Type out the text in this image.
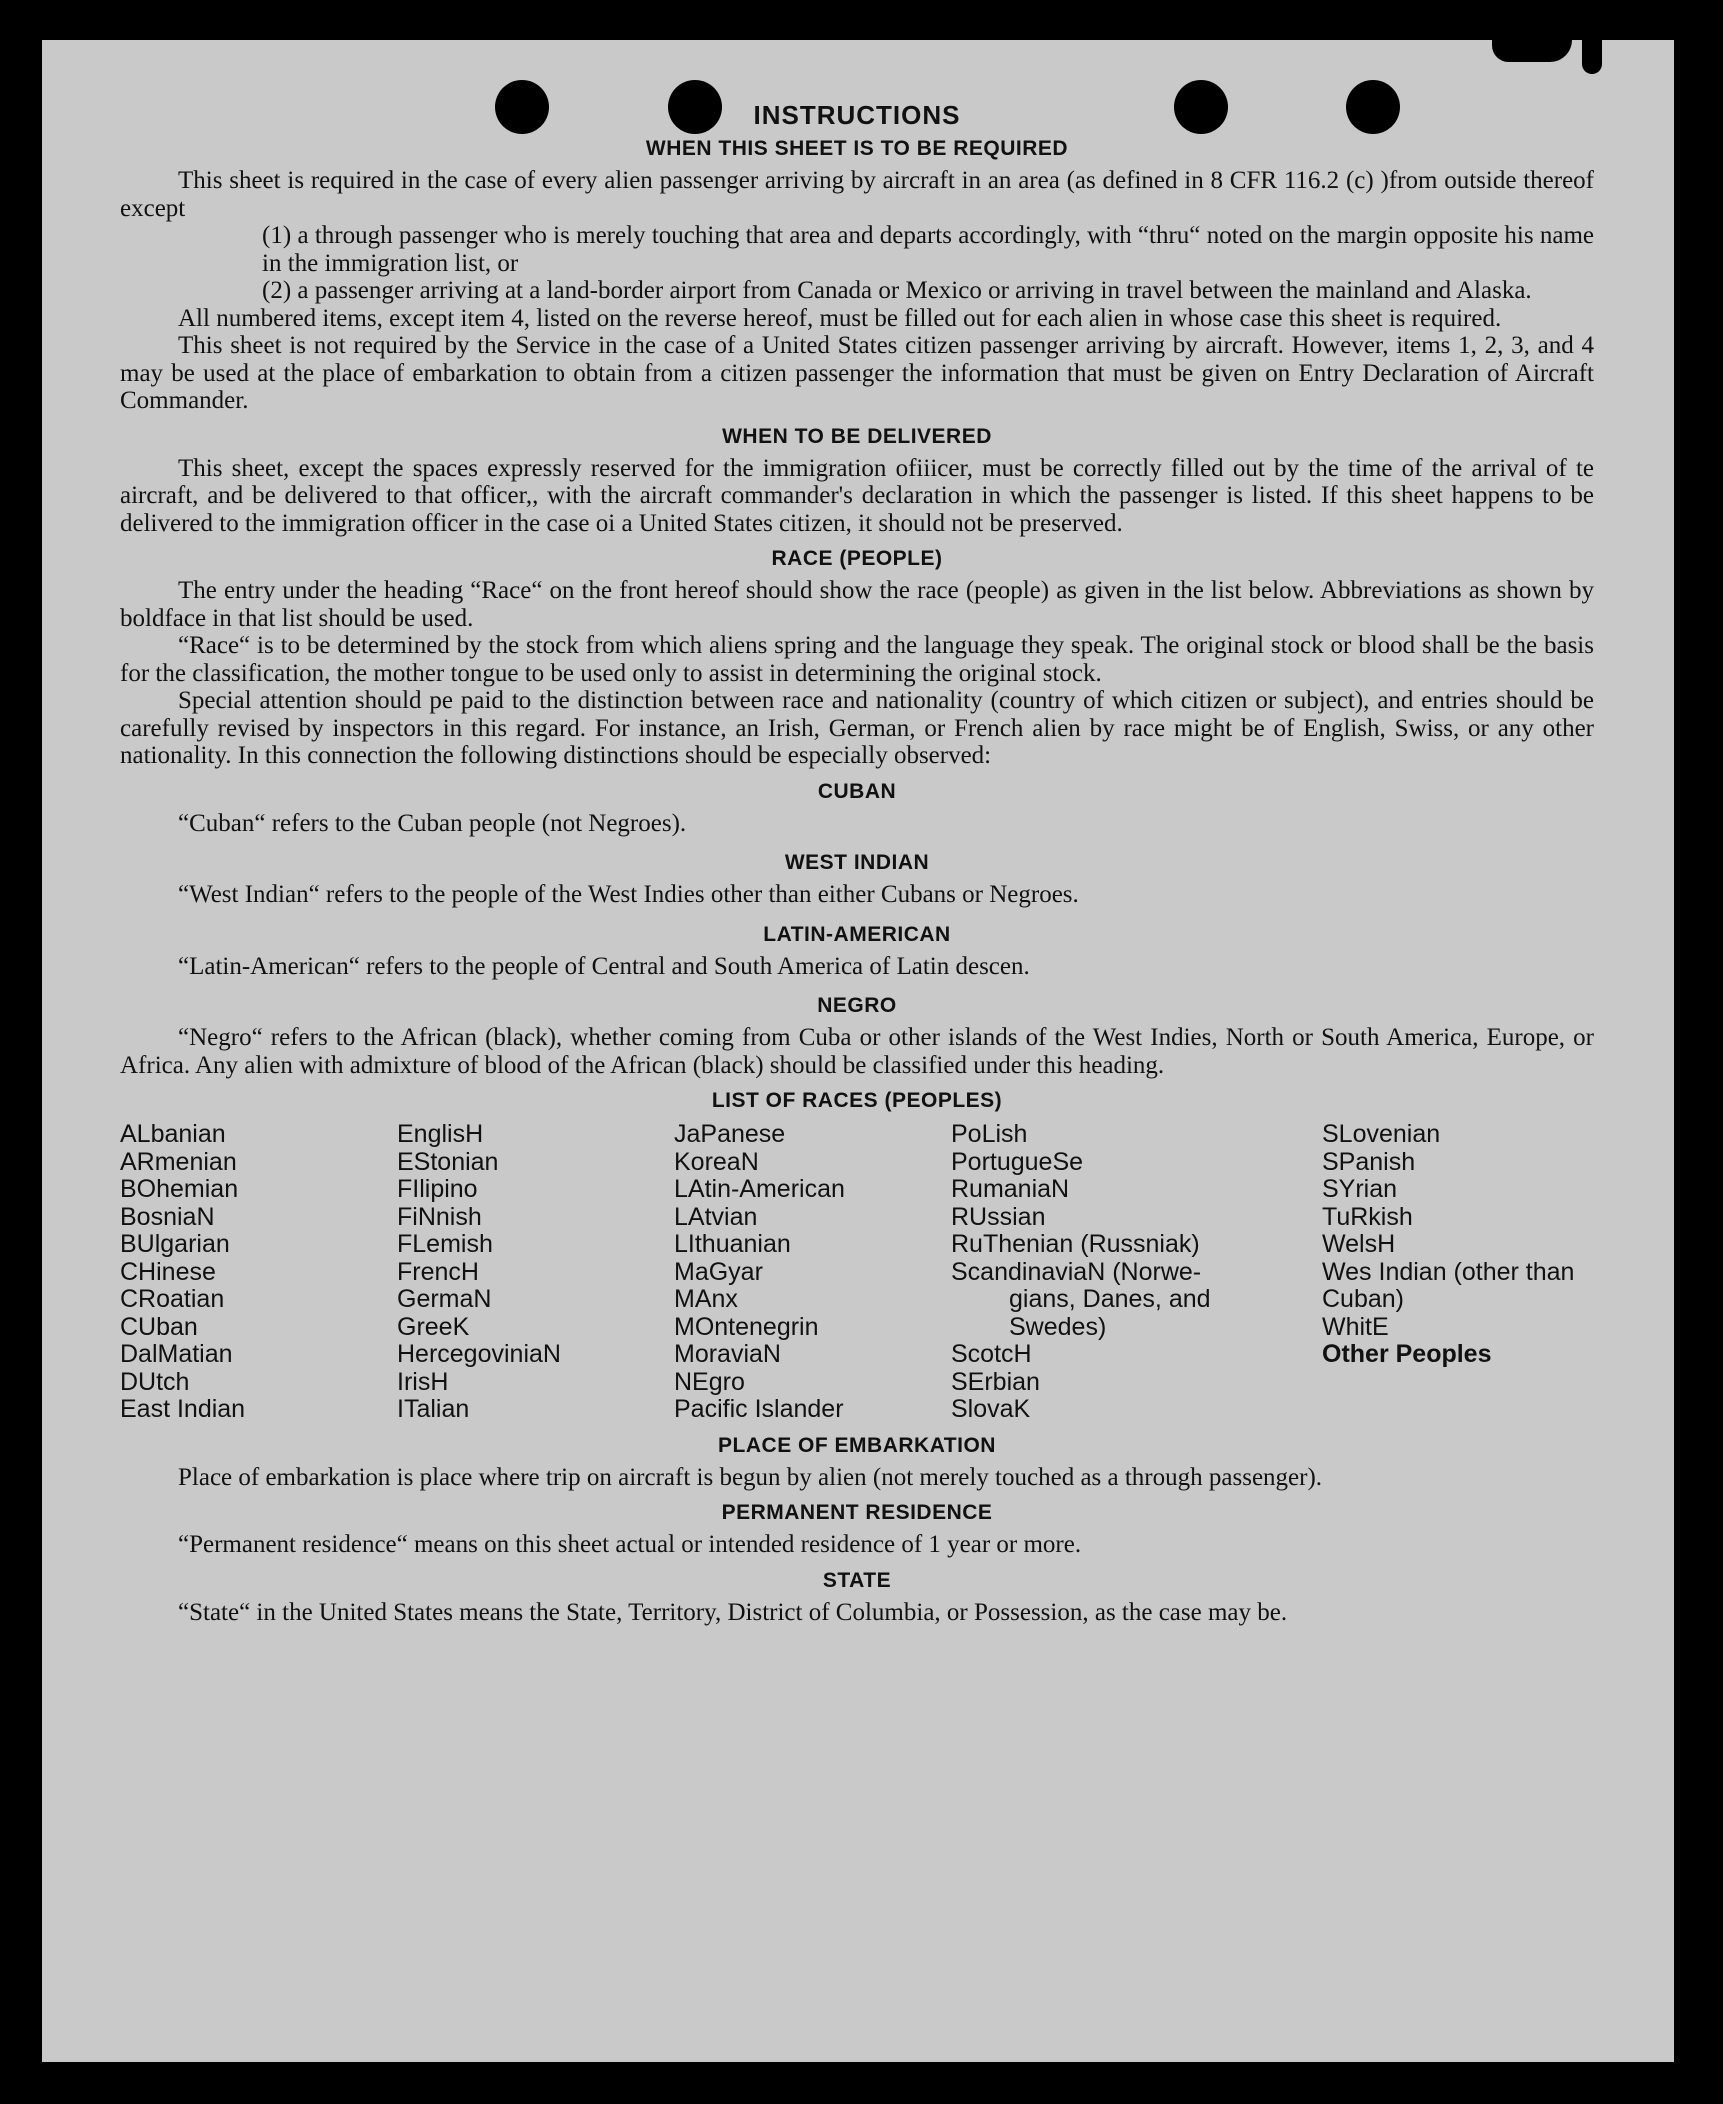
INSTRUCTIONS
WHEN THIS SHEET IS TO BE REQUIRED

This sheet is required in the case of every alien passenger arriving by aircraft in an area (as defined in 8 CFR 116.2 (c) )from outside thereof except

(1) a through passenger who is merely touching that area and departs accordingly, with “thru“ noted on the margin opposite his name in the immigration list, or
(2) a passenger arriving at a land-border airport from Canada or Mexico or arriving in travel between the mainland and Alaska.

All numbered items, except item 4, listed on the reverse hereof, must be filled out for each alien in whose case this sheet is required.

This sheet is not required by the Service in the case of a United States citizen passenger arriving by aircraft. However, items 1, 2, 3, and 4 may be used at the place of embarkation to obtain from a citizen passenger the information that must be given on Entry Declaration of Aircraft Commander.

WHEN TO BE DELIVERED

This sheet, except the spaces expressly reserved for the immigration ofiiicer, must be correctly filled out by the time of the arrival of te aircraft, and be delivered to that officer,, with the aircraft commander's declaration in which the passenger is listed. If this sheet happens to be delivered to the immigration officer in the case oi a United States citizen, it should not be preserved.

RACE (PEOPLE)

The entry under the heading “Race“ on the front hereof should show the race (people) as given in the list below. Abbreviations as shown by boldface in that list should be used.

“Race“ is to be determined by the stock from which aliens spring and the language they speak. The original stock or blood shall be the basis for the classification, the mother tongue to be used only to assist in determining the original stock.

Special attention should pe paid to the distinction between race and nationality (country of which citizen or subject), and entries should be carefully revised by inspectors in this regard. For instance, an Irish, German, or French alien by race might be of English, Swiss, or any other nationality. In this connection the following distinctions should be especially observed:

CUBAN

“Cuban“ refers to the Cuban people (not Negroes).

WEST INDIAN

“West Indian“ refers to the people of the West Indies other than either Cubans or Negroes.

LATIN-AMERICAN

“Latin-American“ refers to the people of Central and South America of Latin descen.

NEGRO

“Negro“ refers to the African (black), whether coming from Cuba or other islands of the West Indies, North or South America, Europe, or Africa. Any alien with admixture of blood of the African (black) should be classified under this heading.

LIST OF RACES (PEOPLES)
ALbanian
ARmenian
BOhemian
BosniaN
BUlgarian
CHinese
CRoatian
CUban
DalMatian
DUtch
East Indian
EnglisH
EStonian
FIlipino
FiNnish
FLemish
FrencH
GermaN
GreeK
HercegoviniaN
IrisH
ITalian
JaPanese
KoreaN
LAtin-American
LAtvian
LIthuanian
MaGyar
MAnx
MOntenegrin
MoraviaN
NEgro
Pacific Islander
PoLish
PortugueSe
RumaniaN
RUssian
RuThenian (Russniak)
ScandinaviaN (Norwe-
gians, Danes, and
Swedes)
ScotcH
SErbian
SlovaK
SLovenian
SPanish
SYrian
TuRkish
WelsH
Wes Indian (other than Cuban)
WhitE
Other Peoples
PLACE OF EMBARKATION

Place of embarkation is place where trip on aircraft is begun by alien (not merely touched as a through passenger).

PERMANENT RESIDENCE

“Permanent residence“ means on this sheet actual or intended residence of 1 year or more.

STATE

“State“ in the United States means the State, Territory, District of Columbia, or Possession, as the case may be.
